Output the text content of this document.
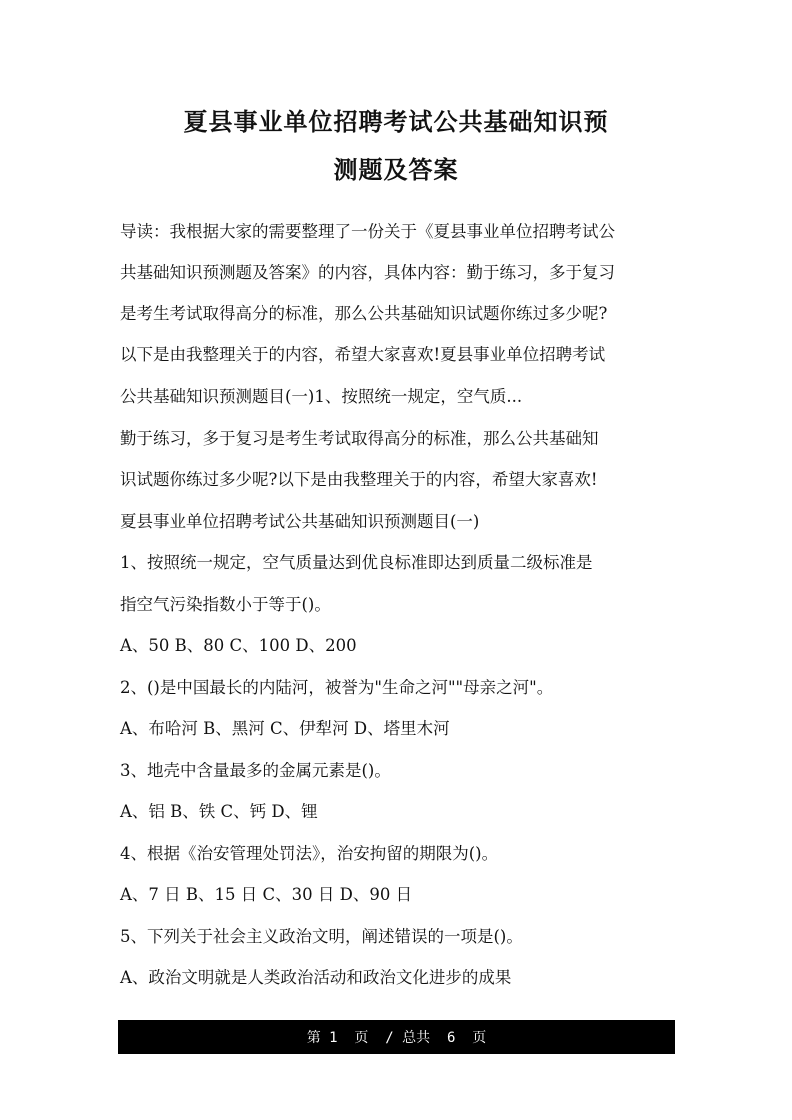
夏县事业单位招聘考试公共基础知识预
测题及答案

导读：我根据大家的需要整理了一份关于《夏县事业单位招聘考试公

共基础知识预测题及答案》的内容，具体内容：勤于练习，多于复习

是考生考试取得高分的标准，那么公共基础知识试题你练过多少呢?

以下是由我整理关于的内容，希望大家喜欢!夏县事业单位招聘考试

公共基础知识预测题目(一)1、按照统一规定，空气质...

勤于练习，多于复习是考生考试取得高分的标准，那么公共基础知

识试题你练过多少呢?以下是由我整理关于的内容，希望大家喜欢!

夏县事业单位招聘考试公共基础知识预测题目(一)

1、按照统一规定，空气质量达到优良标准即达到质量二级标准是

指空气污染指数小于等于()。

A、50 B、80 C、100 D、200

2、()是中国最长的内陆河，被誉为"生命之河""母亲之河"。

A、布哈河 B、黑河 C、伊犁河 D、塔里木河

3、地壳中含量最多的金属元素是()。

A、铝 B、铁 C、钙 D、锂

4、根据《治安管理处罚法》，治安拘留的期限为()。

A、7 日 B、15 日 C、30 日 D、90 日

5、下列关于社会主义政治文明，阐述错误的一项是()。

A、政治文明就是人类政治活动和政治文化进步的成果

第 1  页  / 总共  6  页
